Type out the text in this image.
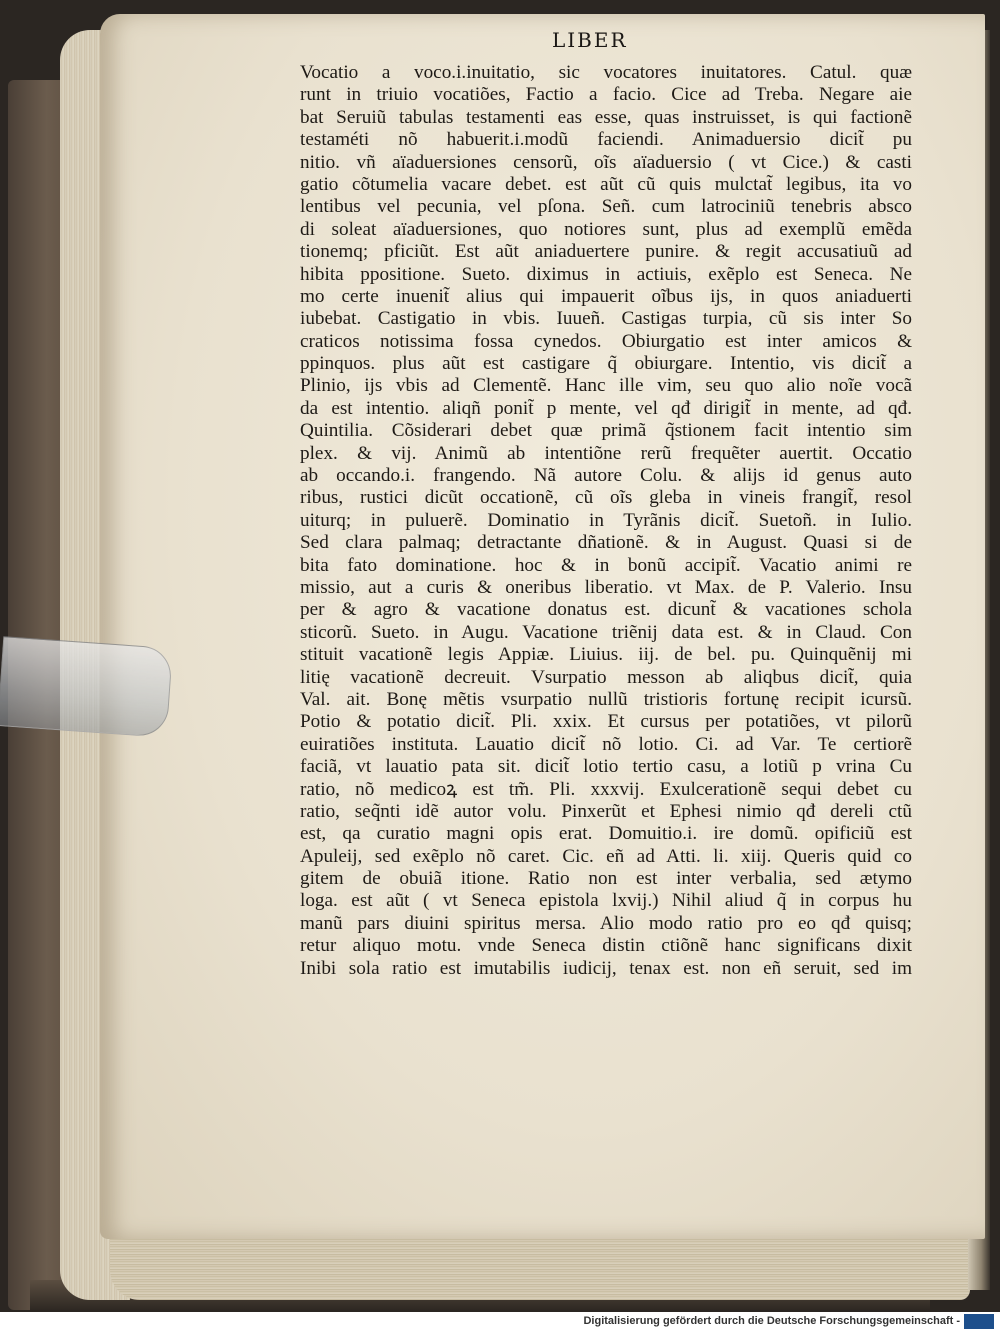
LIBER
Vocatio a voco.i.inuitatio, sic vocatores inuitatores. Catul. quæ
runt in triuio vocatiões, Factio a facio. Cice ad Treba. Negare aie
bat Seruiũ tabulas testamenti eas esse, quas instruisset, is qui factionẽ
testaméti nõ habuerit.i.modũ faciendi. Animaduersio dicit̃ pu
nitio. vñ aïaduersiones censorũ, oĩs aïaduersio ( vt Cice.) & casti
gatio cõtumelia vacare debet. est aũt cũ quis mulctat̃ legibus, ita vo
lentibus vel pecunia, vel pſona. Señ. cum latrociniũ tenebris absco
di soleat aïaduersiones, quo notiores sunt, plus ad exemplũ emẽda
tionemq; pficiũt. Est aũt aniaduertere punire. & regit accusatiuũ ad
hibita ppositione. Sueto. diximus in actiuis, exẽplo est Seneca. Ne
mo certe inuenit̃ alius qui impauerit oĩbus ijs, in quos aniaduerti
iubebat. Castigatio in vbis. Iuueñ. Castigas turpia, cũ sis inter So
craticos notissima fossa cynedos. Obiurgatio est inter amicos &
ppinquos. plus aũt est castigare q̃ obiurgare. Intentio, vis dicit̃ a
Plinio, ijs vbis ad Clementẽ. Hanc ille vim, seu quo alio noĩe vocã
da est intentio. aliqñ ponit̃ p mente, vel qđ dirigit̃ in mente, ad qđ.
Quintilia. Cõsiderari debet quæ primã q̃stionem facit intentio sim
plex. & vij. Animũ ab intentiõne rerũ frequẽter auertit. Occatio
ab occando.i. frangendo. Nã autore Colu. & alijs id genus auto
ribus, rustici dicũt occationẽ, cũ oĩs gleba in vineis frangit̃, resol
uiturq; in puluerẽ. Dominatio in Tyrãnis dicit̃. Suetoñ. in Iulio.
Sed clara palmaq; detractante dñationẽ. & in August. Quasi si de
bita fato dominatione. hoc & in bonũ accipit̃. Vacatio animi re
missio, aut a curis & oneribus liberatio. vt Max. de P. Valerio. Insu
per & agro & vacatione donatus est. dicunt̃ & vacationes schola
sticorũ. Sueto. in Augu. Vacatione triẽnij data est. & in Claud. Con
stituit vacationẽ legis Appiæ. Liuius. iij. de bel. pu. Quinquẽnij mi
litię vacationẽ decreuit. Vsurpatio messon ab aliqbus dicit̃, quia
Val. ait. Bonę mẽtis vsurpatio nullũ tristioris fortunę recipit icursũ.
Potio & potatio dicit̃. Pli. xxix. Et cursus per potatiões, vt pilorũ
euiratiões instituta. Lauatio dicit̃ nõ lotio. Ci. ad Var. Te certiorẽ
faciã, vt lauatio pata sit. dicit̃ lotio tertio casu, a lotiũ p vrina Cu
ratio, nõ medicoꝝ est tm̃. Pli. xxxvij. Exulcerationẽ sequi debet cu
ratio, seq̃nti idẽ autor volu. Pinxerũt et Ephesi nimio qđ dereli ctũ
est, qa curatio magni opis erat. Domuitio.i. ire domũ. opificiũ est
Apuleij, sed exẽplo nõ caret. Cic. eñ ad Atti. li. xiij. Queris quid co
gitem de obuiã itione. Ratio non est inter verbalia, sed ætymo
loga. est aũt ( vt Seneca epistola lxvij.) Nihil aliud q̃ in corpus hu
manũ pars diuini spiritus mersa. Alio modo ratio pro eo qđ quisq;
retur aliquo motu. vnde Seneca distin ctiõnẽ hanc significans dixit
Inibi sola ratio est imutabilis iudicij, tenax est. non eñ seruit, sed im
Digitalisierung gefördert durch die Deutsche Forschungsgemeinschaft -
